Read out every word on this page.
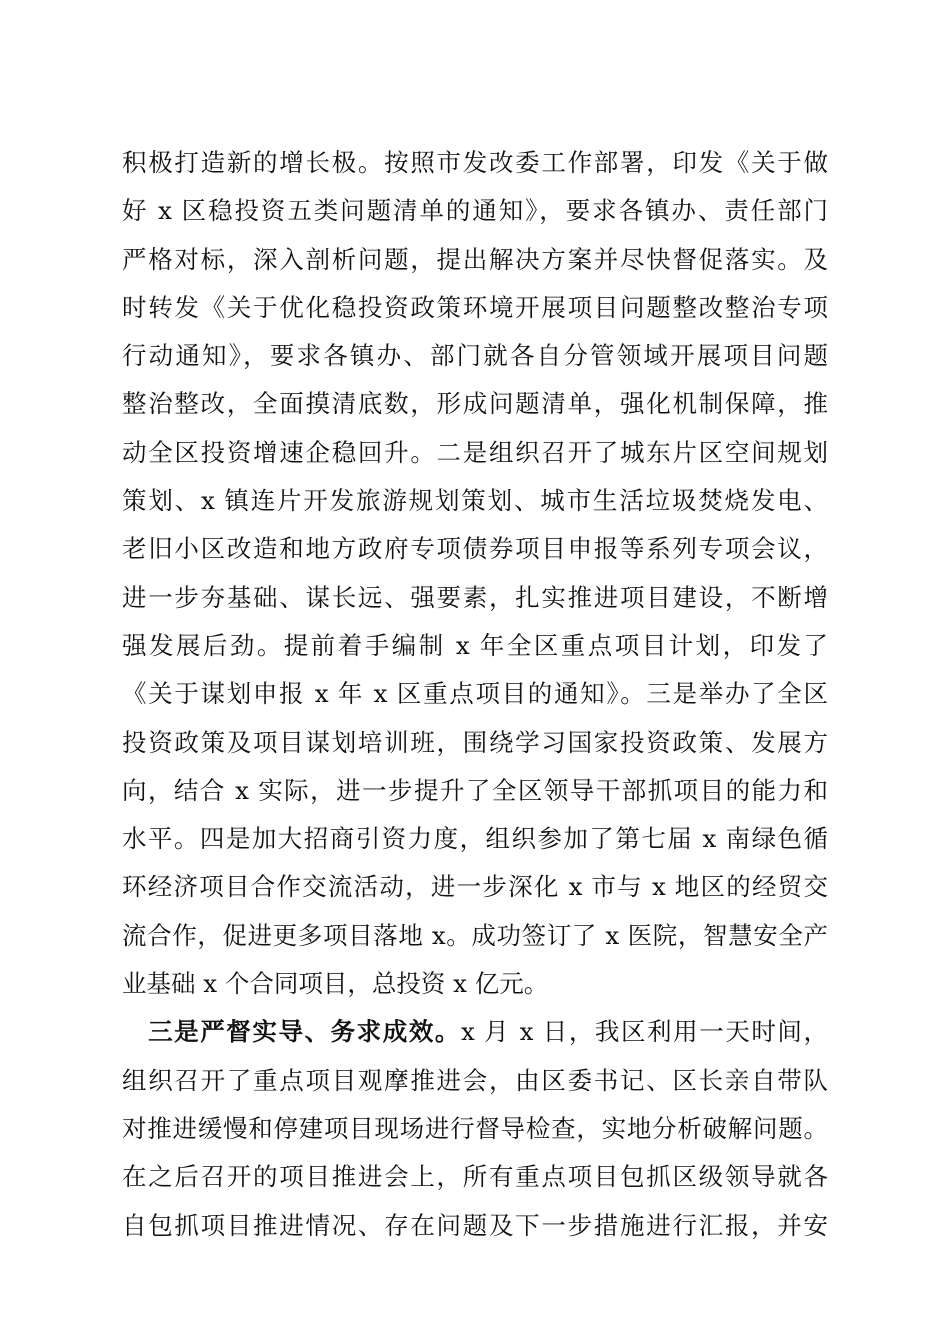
积极打造新的增长极。按照市发改委工作部署，印发《关于做
好 x 区稳投资五类问题清单的通知》，要求各镇办、责任部门
严格对标，深入剖析问题，提出解决方案并尽快督促落实。及
时转发《关于优化稳投资政策环境开展项目问题整改整治专项
行动通知》，要求各镇办、部门就各自分管领域开展项目问题
整治整改，全面摸清底数，形成问题清单，强化机制保障，推
动全区投资增速企稳回升。二是组织召开了城东片区空间规划
策划、x 镇连片开发旅游规划策划、城市生活垃圾焚烧发电、
老旧小区改造和地方政府专项债券项目申报等系列专项会议，
进一步夯基础、谋长远、强要素，扎实推进项目建设，不断增
强发展后劲。提前着手编制 x 年全区重点项目计划，印发了
《关于谋划申报 x 年 x 区重点项目的通知》。三是举办了全区
投资政策及项目谋划培训班，围绕学习国家投资政策、发展方
向，结合 x 实际，进一步提升了全区领导干部抓项目的能力和
水平。四是加大招商引资力度，组织参加了第七届 x 南绿色循
环经济项目合作交流活动，进一步深化 x 市与 x 地区的经贸交
流合作，促进更多项目落地 x。成功签订了 x 医院，智慧安全产
业基础 x 个合同项目，总投资 x 亿元。
　三是严督实导、务求成效。x 月 x 日，我区利用一天时间，
组织召开了重点项目观摩推进会，由区委书记、区长亲自带队
对推进缓慢和停建项目现场进行督导检查，实地分析破解问题。
在之后召开的项目推进会上，所有重点项目包抓区级领导就各
自包抓项目推进情况、存在问题及下一步措施进行汇报，并安
